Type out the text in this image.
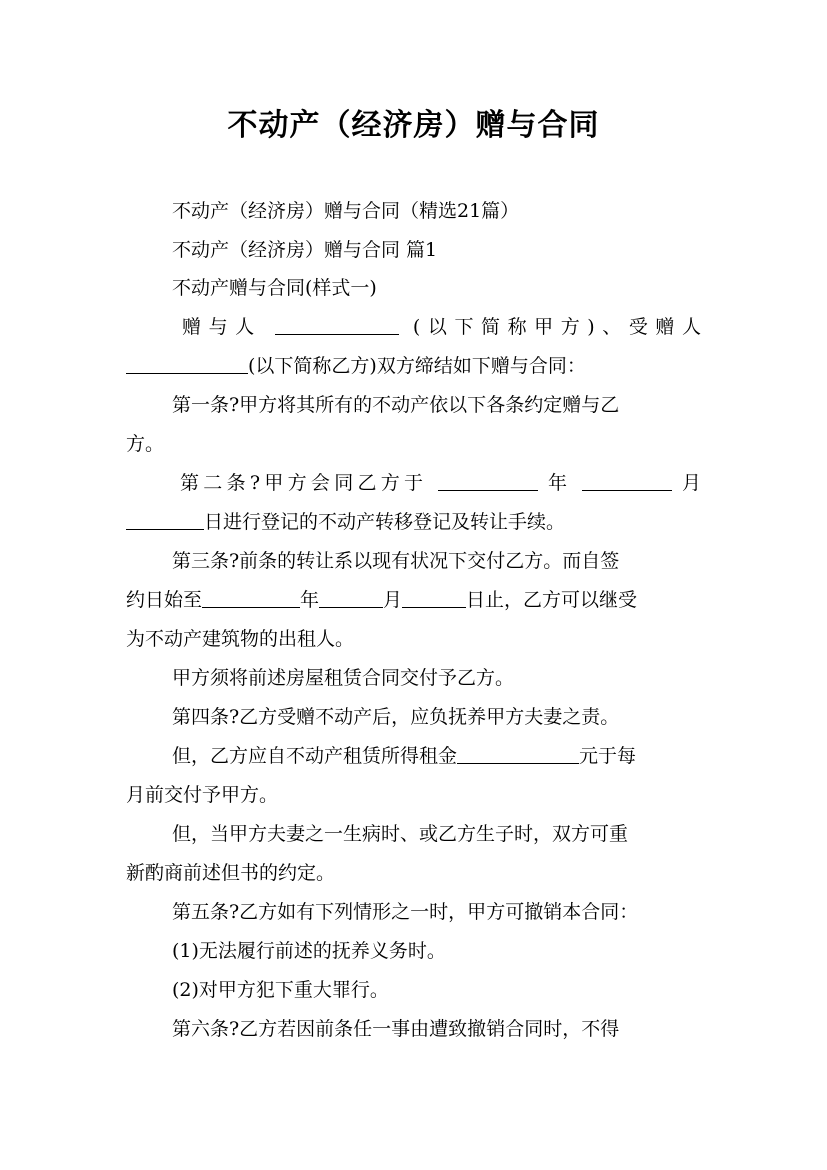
不动产（经济房）赠与合同
不动产（经济房）赠与合同（精选21篇）
不动产（经济房）赠与合同 篇1
不动产赠与合同(样式一)
赠与人	(以下简称甲方)、受赠人
(以下简称乙方)双方缔结如下赠与合同：
第一条?甲方将其所有的不动产依以下各条约定赠与乙
方。
第二条?甲方会同乙方于	年	月
日进行登记的不动产转移登记及转让手续。
第三条?前条的转让系以现有状况下交付乙方。而自签
约日始至	年	月	日止，乙方可以继受
为不动产建筑物的出租人。
甲方须将前述房屋租赁合同交付予乙方。
第四条?乙方受赠不动产后，应负抚养甲方夫妻之责。
但，乙方应自不动产租赁所得租金	元于每
月前交付予甲方。
但，当甲方夫妻之一生病时、或乙方生子时，双方可重
新酌商前述但书的约定。
第五条?乙方如有下列情形之一时，甲方可撤销本合同：
(1)无法履行前述的抚养义务时。
(2)对甲方犯下重大罪行。
第六条?乙方若因前条任一事由遭致撤销合同时，不得
